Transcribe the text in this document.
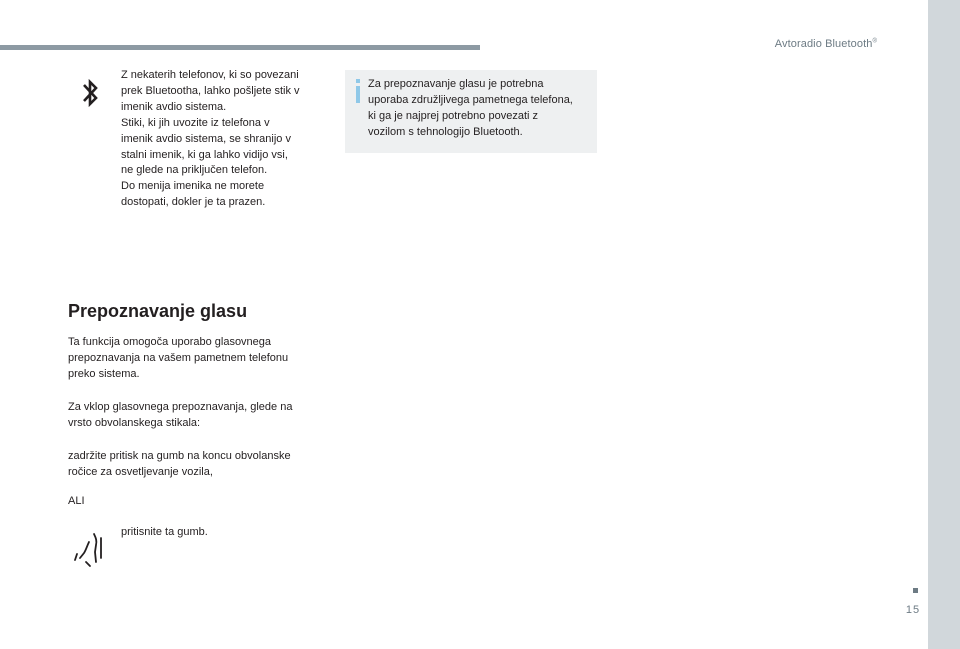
Avtoradio Bluetooth®
Z nekaterih telefonov, ki so povezani
prek Bluetootha, lahko pošljete stik v
imenik avdio sistema.
Stiki, ki jih uvozite iz telefona v
imenik avdio sistema, se shranijo v
stalni imenik, ki ga lahko vidijo vsi,
ne glede na priključen telefon.
Do menija imenika ne morete
dostopati, dokler je ta prazen.
Za prepoznavanje glasu je potrebna
uporaba združljivega pametnega telefona,
ki ga je najprej potrebno povezati z
vozilom s tehnologijo Bluetooth.
Prepoznavanje glasu
Ta funkcija omogoča uporabo glasovnega
prepoznavanja na vašem pametnem telefonu
preko sistema.
Za vklop glasovnega prepoznavanja, glede na
vrsto obvolanskega stikala:
zadržite pritisk na gumb na koncu obvolanske
ročice za osvetljevanje vozila,
ALI
pritisnite ta gumb.
15
